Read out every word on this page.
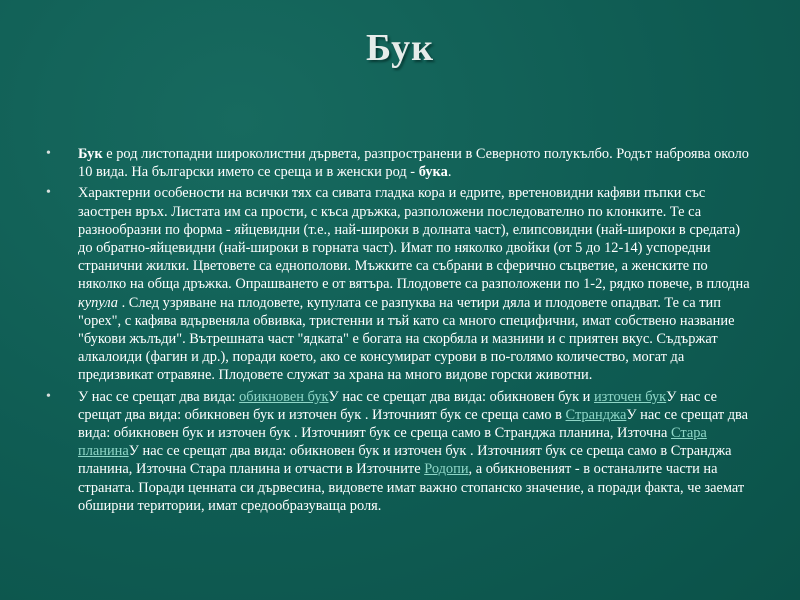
Бук
• Бук е род листопадни широколистни дървета, разпространени в Северното полукълбо. Родът наброява около 10 вида. На български името се среща и в женски род - бука.
• Характерни особености на всички тях са сивата гладка кора и едрите, вретеновидни кафяви пъпки със заострен връх. Листата им са прости, с къса дръжка, разположени последователно по клонките. Те са разнообразни по форма - яйцевидни (т.е., най-широки в долната част), елипсовидни (най-широки в средата) до обратно-яйцевидни (най-широки в горната част). Имат по няколко двойки (от 5 до 12-14) успоредни странични жилки. Цветовете са еднополови. Мъжките са събрани в сферично съцветие, а женските по няколко на обща дръжка. Опрашването е от вятъра. Плодовете са разположени по 1-2, рядко повече, в плодна купула . След узряване на плодовете, купулата се разпуква на четири дяла и плодовете опадват. Те са тип "орех", с кафява вдървеняла обвивка, тристенни и тъй като са много специфични, имат собствено название "букови жълъди". Вътрешната част "ядката" е богата на скорбяла и мазнини и с приятен вкус. Съдържат алкалоиди (фагин и др.), поради което, ако се консумират сурови в по-голямо количество, могат да предизвикат отравяне. Плодовете служат за храна на много видове горски животни.
• У нас се срещат два вида: обикновен букУ нас се срещат два вида: обикновен бук и източен букУ нас се срещат два вида: обикновен бук и източен бук . Източният бук се среща само в СтранджаУ нас се срещат два вида: обикновен бук и източен бук . Източният бук се среща само в Странджа планина, Източна Стара планинаУ нас се срещат два вида: обикновен бук и източен бук . Източният бук се среща само в Странджа планина, Източна Стара планина и отчасти в Източните Родопи, а обикновеният - в останалите части на страната. Поради ценната си дървесина, видовете имат важно стопанско значение, а поради факта, че заемат обширни територии, имат средообразуваща роля.
